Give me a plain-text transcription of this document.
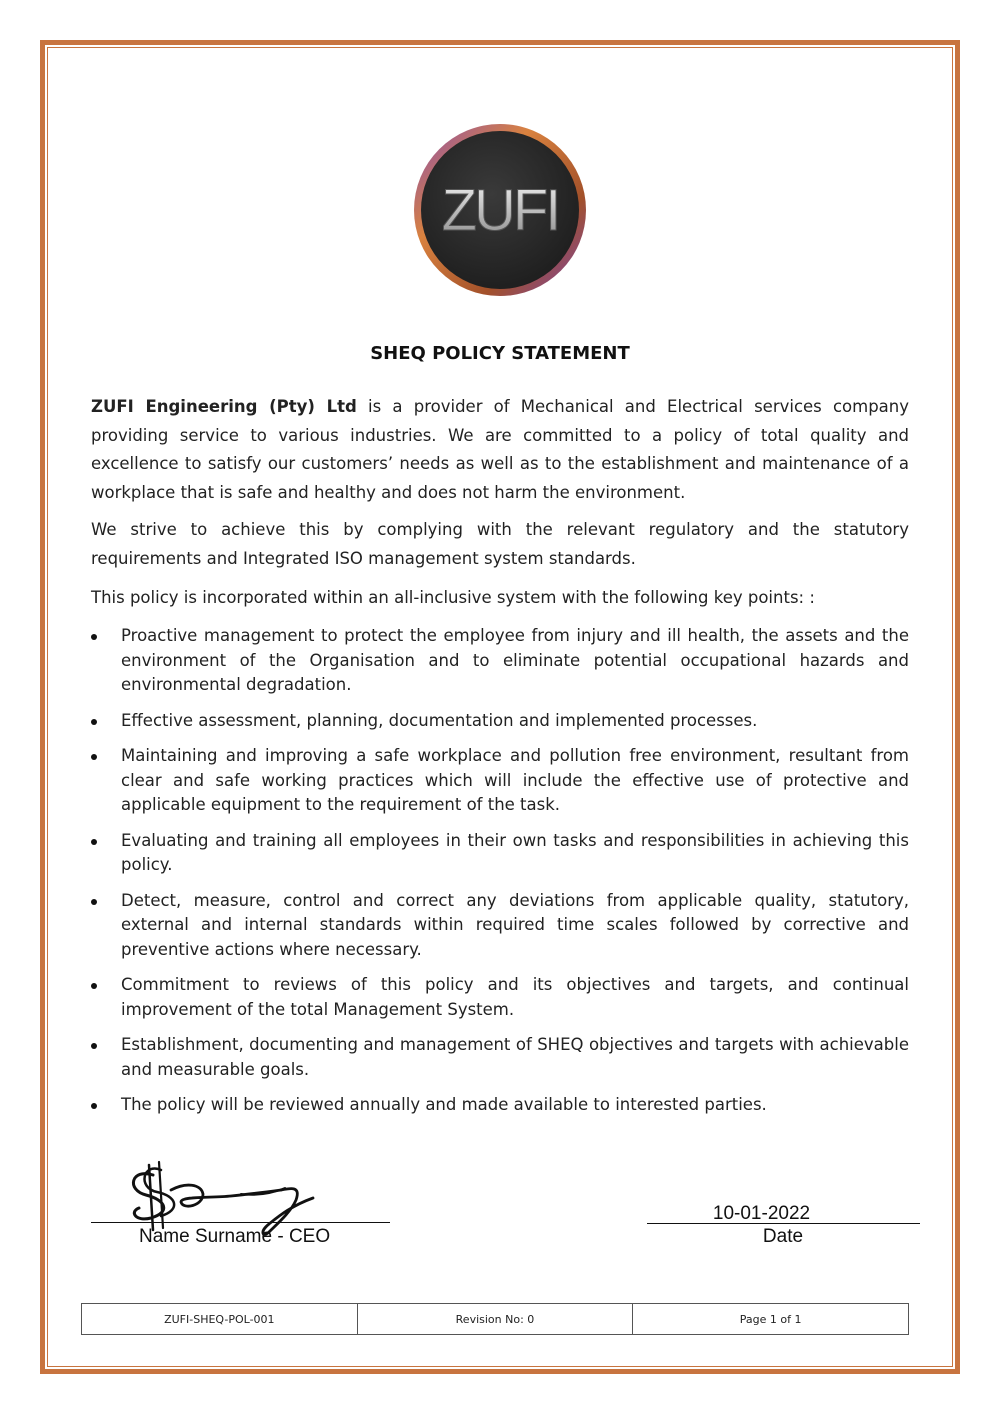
ZUFI
SHEQ POLICY STATEMENT

ZUFI Engineering (Pty) Ltd is a provider of Mechanical and Electrical services company providing service to various industries. We are committed to a policy of total quality and excellence to satisfy our customers’ needs as well as to the establishment and maintenance of a workplace that is safe and healthy and does not harm the environment.

We strive to achieve this by complying with the relevant regulatory and the statutory requirements and Integrated ISO management system standards.

This policy is incorporated within an all-inclusive system with the following key points: :

Proactive management to protect the employee from injury and ill health, the assets and the environment of the Organisation and to eliminate potential occupational hazards and environmental degradation.
Effective assessment, planning, documentation and implemented processes.
Maintaining and improving a safe workplace and pollution free environment, resultant from clear and safe working practices which will include the effective use of protective and applicable equipment to the requirement of the task.
Evaluating and training all employees in their own tasks and responsibilities in achieving this policy.
Detect, measure, control and correct any deviations from applicable quality, statutory, external and internal standards within required time scales followed by corrective and preventive actions where necessary.
Commitment to reviews of this policy and its objectives and targets, and continual improvement of the total Management System.
Establishment, documenting and management of SHEQ objectives and targets with achievable and measurable goals.
The policy will be reviewed annually and made available to interested parties.
Name Surname - CEO
10-01-2022
Date
ZUFI-SHEQ-POL-001	Revision No: 0	Page 1 of 1
